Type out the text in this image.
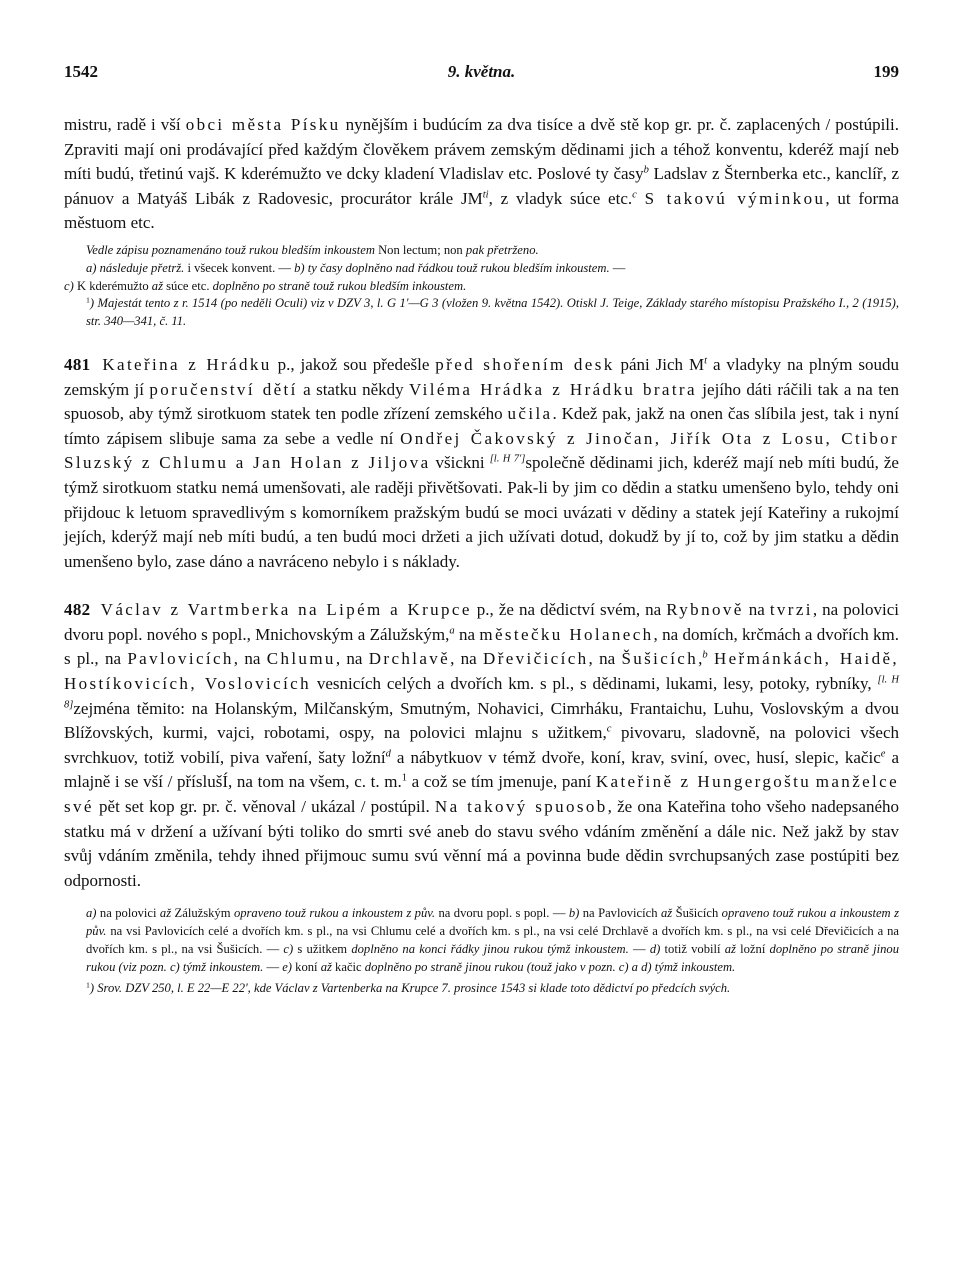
1542	9. května.	199

mistru, radě i vší obci města Písku nynějším i budúcím za dva tisíce a dvě stě kop gr. pr. č. zaplacených / postúpili. Zpraviti mají oni prodávající před každým člověkem právem zemským dědinami jich a téhož konventu, kderéž mají neb míti budú, třetinú vajš. K kderémužto ve dcky kladení Vladislav etc. Poslové ty časy$^b$ Ladslav z Šternberka etc., kanclíř, z pánuov a Matyáš Libák z Radovesic, procurátor krále $JM^{ti}$, z vladyk súce etc.$^c$ S takovú výminkou, ut forma městuom etc.

Vedle zápisu poznamenáno touž rukou bledším inkoustem Non lectum; non pak přetrženo.

a) následuje přetrž. i všecek konvent. — b) ty časy doplněno nad řádkou touž rukou bledším inkoustem. —

c) K kderémužto až súce etc. doplněno po straně touž rukou bledším inkoustem.

$^1$) Majestát tento z r. 1514 (po neděli Oculi) viz v DZV 3, l. G 1'—G 3 (vložen 9. května 1542). Otiskl J. Teige, Základy starého místopisu Pražského I., 2 (1915), str. 340—341, č. 11.

481 Kateřina z Hrádku p., jakož sou předešle před shořením desk páni Jich $M^t$ a vladyky na plným soudu zemským jí poručenství dětí a statku někdy Viléma Hrádka z Hrádku bratra jejího dáti ráčili tak a na ten spuosob, aby týmž sirotkuom statek ten podle zřízení zemského učila. Kdež pak, jakž na onen čas slíbila jest, tak i nyní tímto zápisem slibuje sama za sebe a vedle ní Ondřej Čakovský z Jinočan, Jiřík Ota z Losu, Ctibor Sluzský z Chlumu a Jan Holan z Jiljova všickni [l. H 7']společně dědinami jich, kderéž mají neb míti budú, že týmž sirotkuom statku nemá umenšovati, ale raději přivětšovati. Pak-li by jim co dědin a statku umenšeno bylo, tehdy oni přijdouc k letuom spravedlivým s komorníkem pražským budú se moci uvázati v dědiny a statek její Kateřiny a rukojmí jejích, kderýž mají neb míti budú, a ten budú moci držeti a jich užívati dotud, dokudž by jí to, což by jim statku a dědin umenšeno bylo, zase dáno a navráceno nebylo i s náklady.

482 Václav z Vartmberka na Lipém a Krupce p., že na dědictví svém, na Rybnově na tvrzi, na polovici dvoru popl. nového s popl., Mnichovským a Zálužským,$^a$ na městečku Holanech, na domích, krčmách a dvořích km. s pl., na Pavlovicích, na Chlumu, na Drchlavě, na Dřevičicích, na Šušicích,$^b$ Heřmánkách, Haidě, Hostíkovicích, Voslovicích vesnicích celých a dvořích km. s pl., s dědinami, lukami, lesy, potoky, rybníky, [l. H 8]zejména těmito: na Holanským, Milčanským, Smutným, Nohavici, Cimrháku, Frantaichu, Luhu, Voslovským a dvou Blížovských, kurmi, vajci, robotami, ospy, na polovici mlajnu s užitkem,$^c$ pivovaru, sladovně, na polovici všech svrchkuov, totiž vobilí, piva vaření, šaty ložní$^d$ a nábytkuov v témž dvoře, koní, krav, sviní, ovec, husí, slepic, kačic$^e$ a mlajně i se vší / příslušÍ, na tom na všem, c. t. m.$^1$ a což se tím jmenuje, paní Kateřině z Hungergoštu manželce své pět set kop gr. pr. č. věnoval / ukázal / postúpil. Na takový spuosob, že ona Kateřina toho všeho nadepsaného statku má v držení a užívaní býti toliko do smrti své aneb do stavu svého vdáním změnění a dále nic. Než jakž by stav svůj vdáním změnila, tehdy ihned přijmouc sumu svú věnní má a povinna bude dědin svrchupsaných zase postúpiti bez odpornosti.

a) na polovici až Zálužským opraveno touž rukou a inkoustem z pův. na dvoru popl. s popl. — b) na Pavlovicích až Šušicích opraveno touž rukou a inkoustem z pův. na vsi Pavlovicích celé a dvořích km. s pl., na vsi Chlumu celé a dvořích km. s pl., na vsi celé Drchlavě a dvořích km. s pl., na vsi celé Dřevičicích a na dvořích km. s pl., na vsi Šušicích. — c) s užitkem doplněno na konci řádky jinou rukou týmž inkoustem. — d) totiž vobilí až ložní doplněno po straně jinou rukou (viz pozn. c) týmž inkoustem. — e) koní až kačic doplněno po straně jinou rukou (touž jako v pozn. c) a d) týmž inkoustem.

$^1$) Srov. DZV 250, l. E 22—E 22', kde Václav z Vartenberka na Krupce 7. prosince 1543 si klade toto dědictví po předcích svých.
